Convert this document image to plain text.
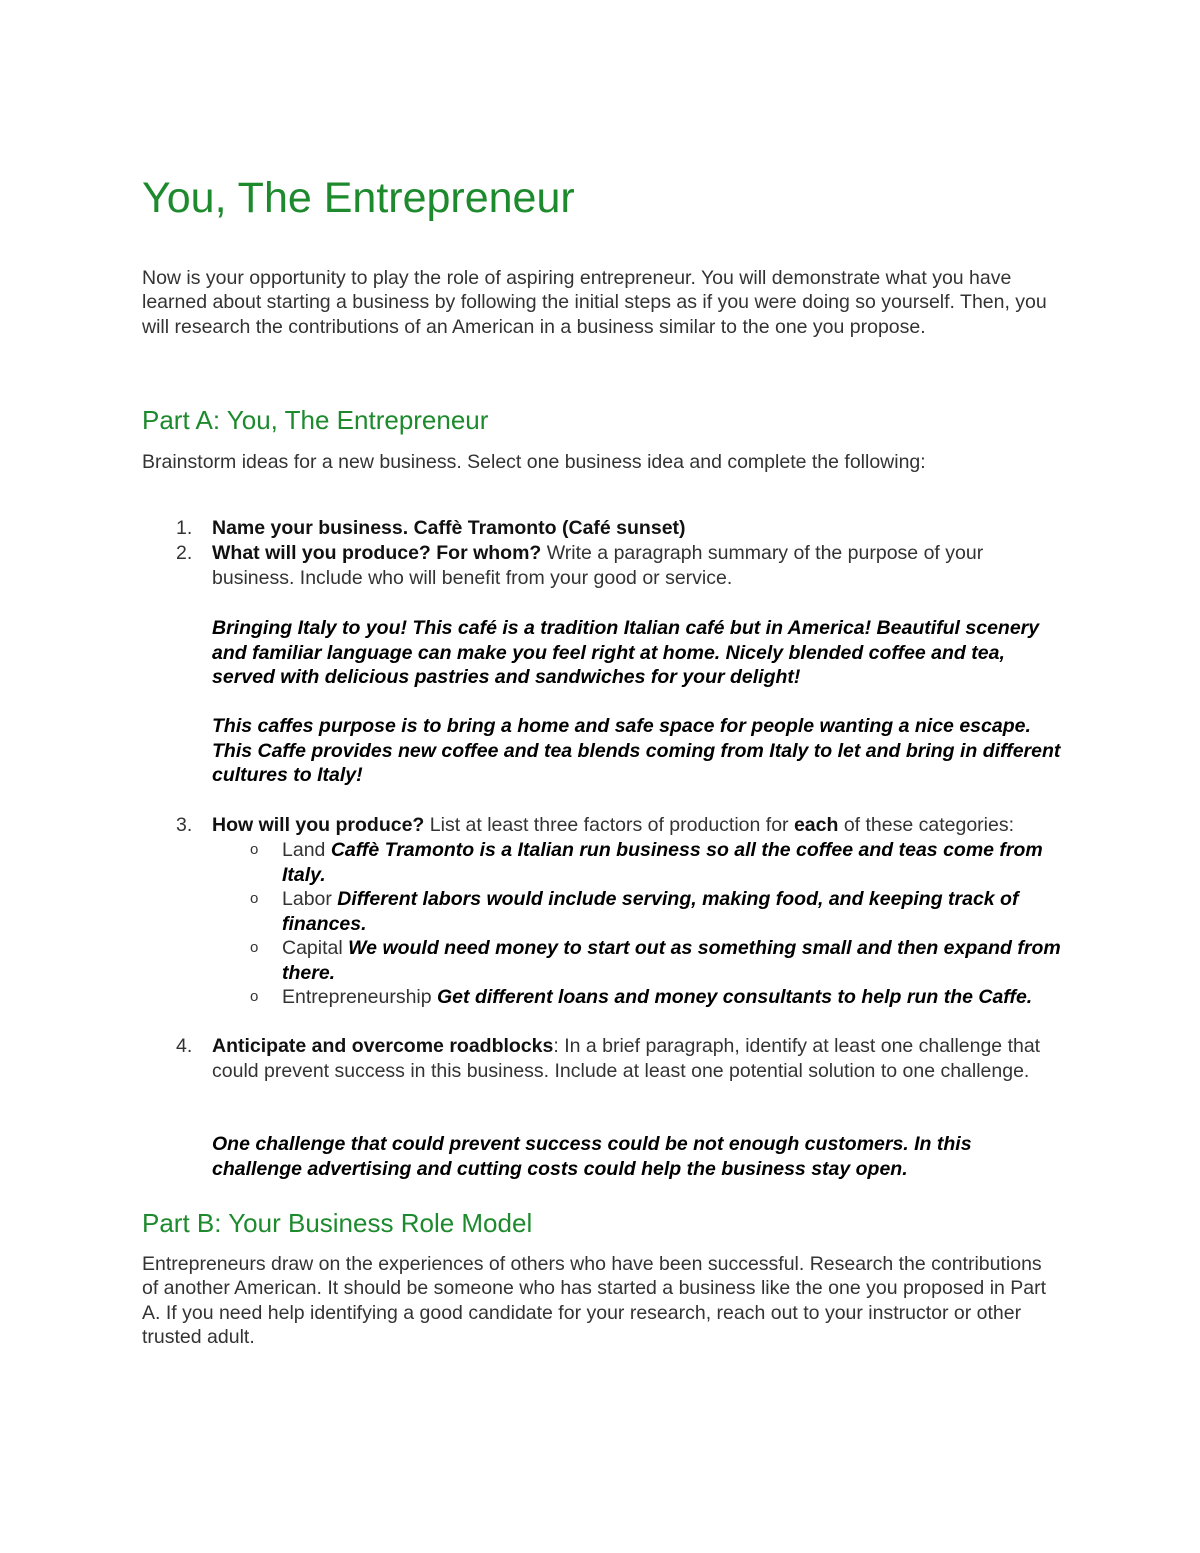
You, The Entrepreneur

Now is your opportunity to play the role of aspiring entrepreneur. You will demonstrate what you have learned about starting a business by following the initial steps as if you were doing so yourself. Then, you will research the contributions of an American in a business similar to the one you propose.

Part A: You, The Entrepreneur

Brainstorm ideas for a new business. Select one business idea and complete the following:

1.	Name your business. Caffè Tramonto (Café sunset)
2.	What will you produce? For whom? Write a paragraph summary of the purpose of your business. Include who will benefit from your good or service.

Bringing Italy to you! This café is a tradition Italian café but in America! Beautiful scenery and familiar language can make you feel right at home. Nicely blended coffee and tea, served with delicious pastries and sandwiches for your delight!

This caffes purpose is to bring a home and safe space for people wanting a nice escape. This Caffe provides new coffee and tea blends coming from Italy to let and bring in different cultures to Italy!

3.	How will you produce? List at least three factors of production for each of these categories:
o Land Caffè Tramonto is a Italian run business so all the coffee and teas come from Italy.
o Labor Different labors would include serving, making food, and keeping track of finances.
o Capital We would need money to start out as something small and then expand from there.
o Entrepreneurship Get different loans and money consultants to help run the Caffe.
4.	Anticipate and overcome roadblocks: In a brief paragraph, identify at least one challenge that could prevent success in this business. Include at least one potential solution to one challenge.

One challenge that could prevent success could be not enough customers. In this challenge advertising and cutting costs could help the business stay open.

Part B: Your Business Role Model

Entrepreneurs draw on the experiences of others who have been successful. Research the contributions of another American. It should be someone who has started a business like the one you proposed in Part A. If you need help identifying a good candidate for your research, reach out to your instructor or other trusted adult.
